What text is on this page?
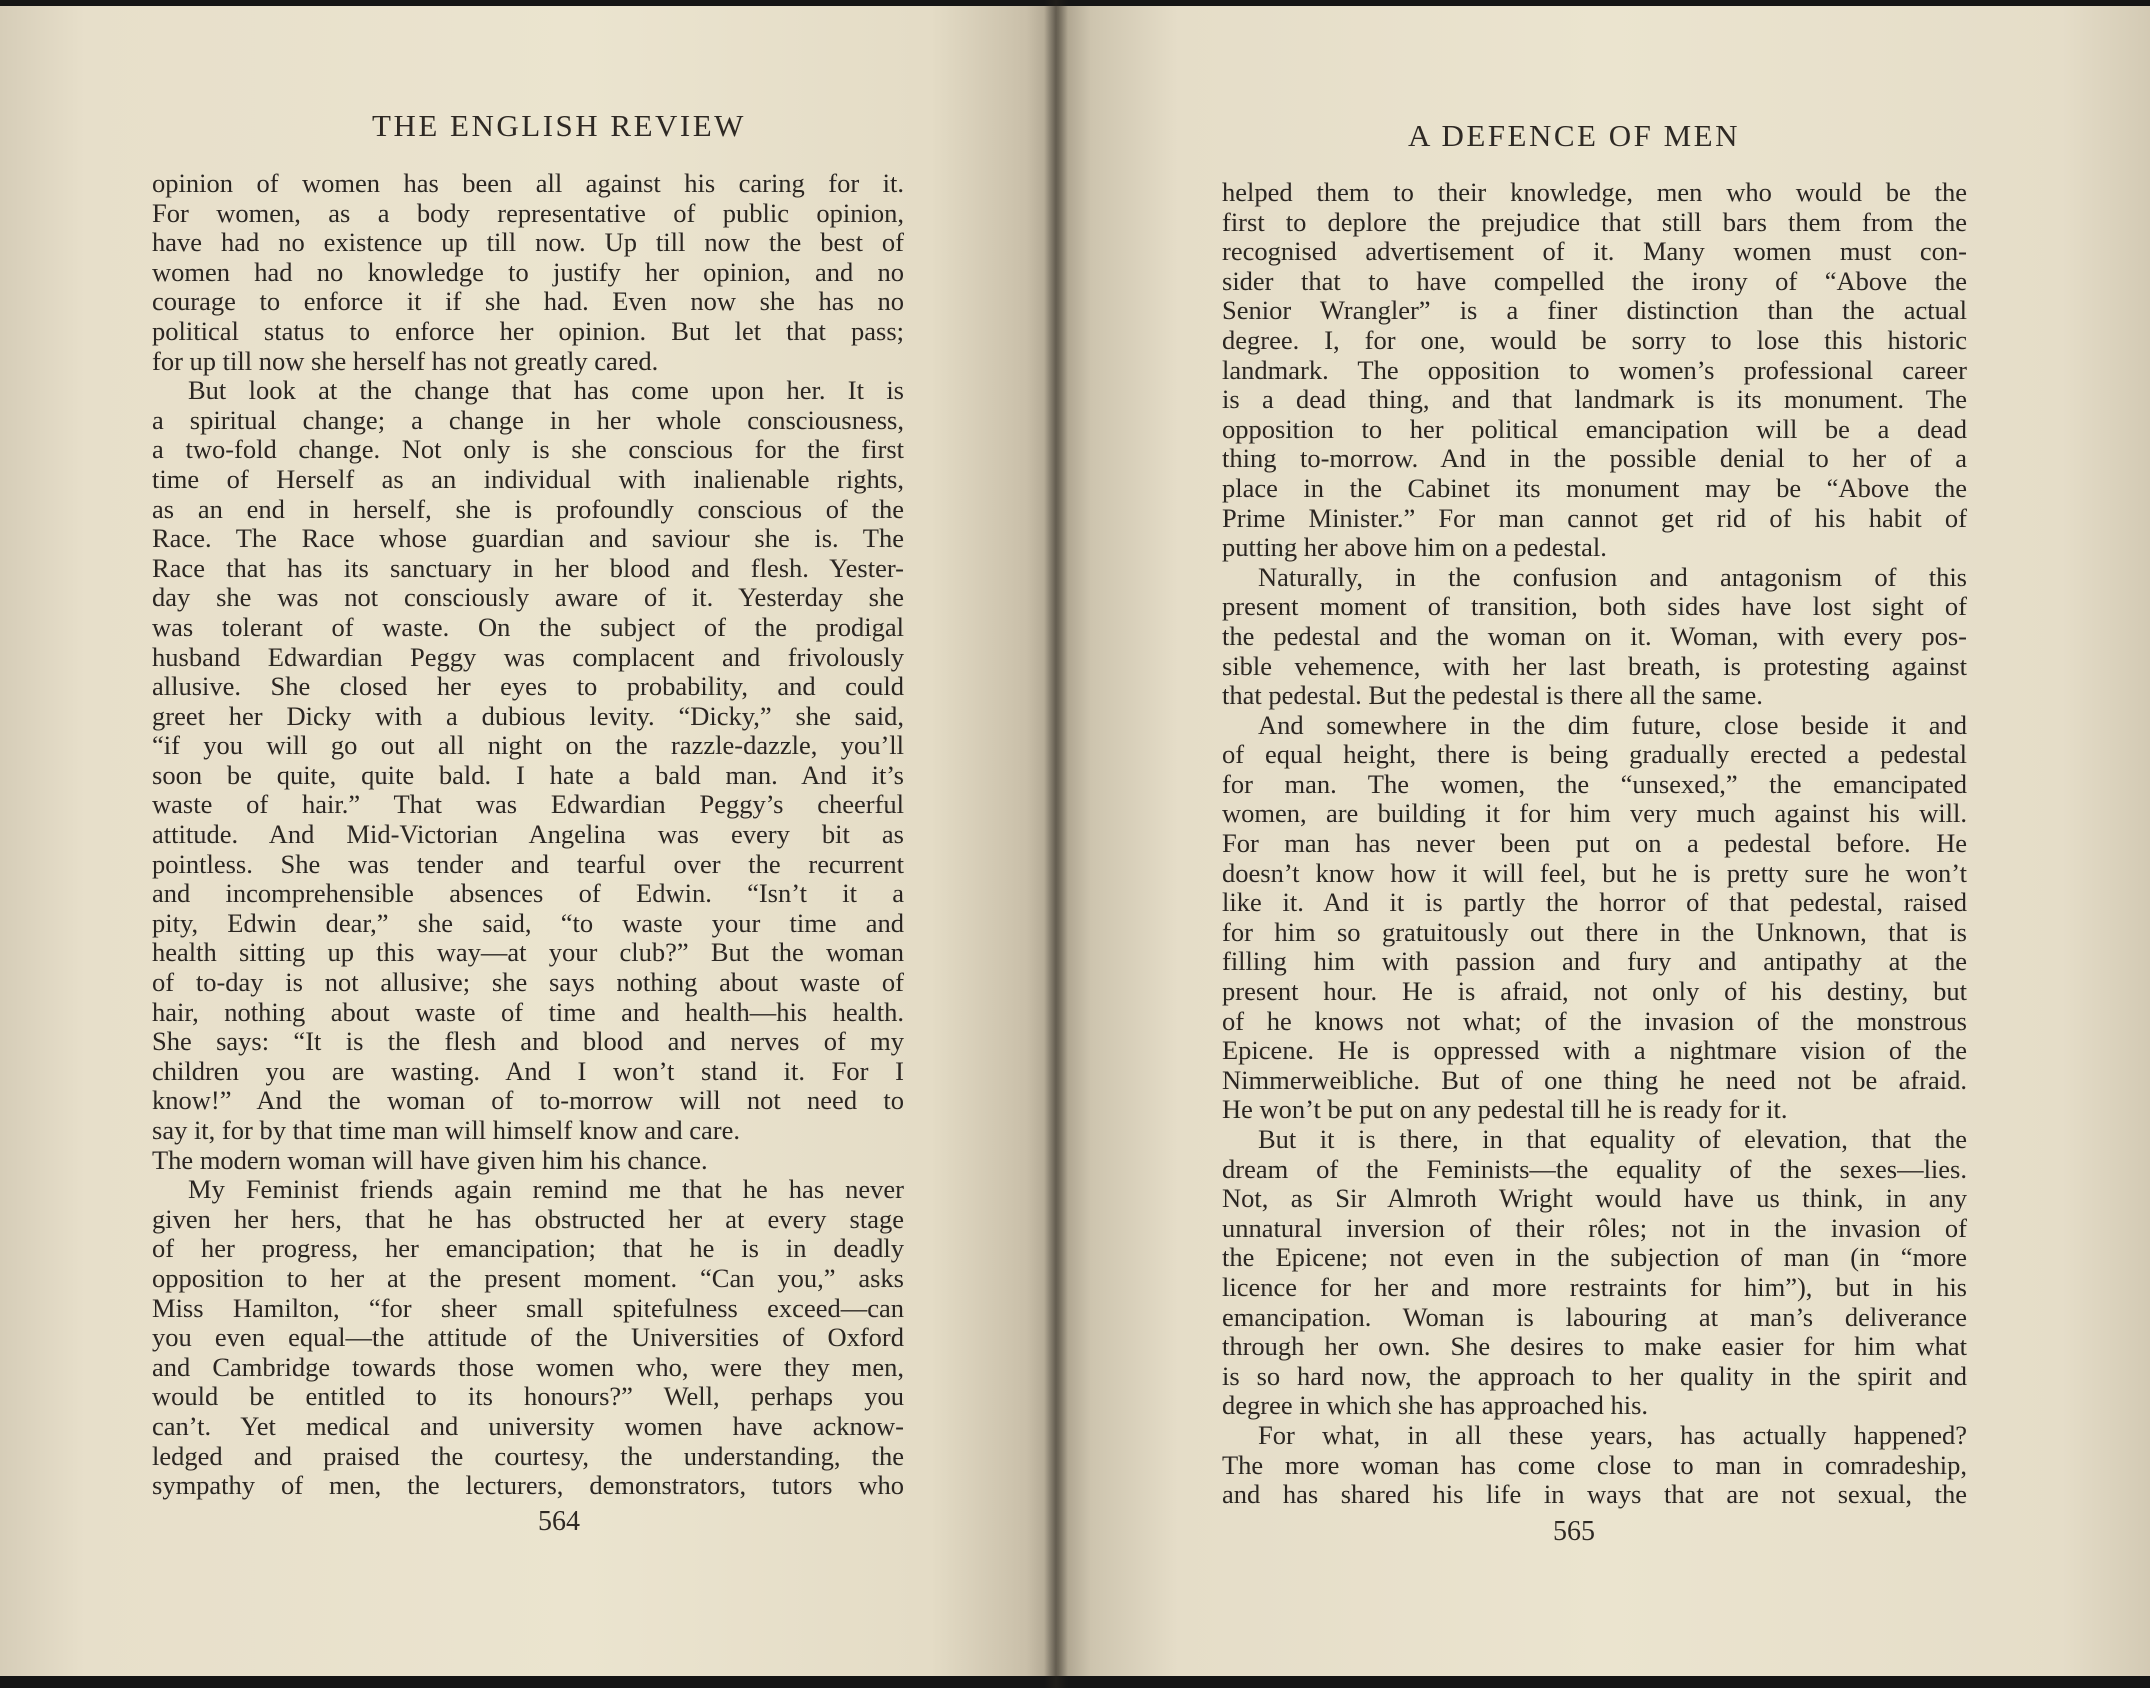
THE ENGLISH REVIEW
opinion of women has been all against his caring for it.
For women, as a body representative of public opinion,
have had no existence up till now. Up till now the best of
women had no knowledge to justify her opinion, and no
courage to enforce it if she had. Even now she has no
political status to enforce her opinion. But let that pass;
for up till now she herself has not greatly cared.
But look at the change that has come upon her. It is
a spiritual change; a change in her whole consciousness,
a two-fold change. Not only is she conscious for the first
time of Herself as an individual with inalienable rights,
as an end in herself, she is profoundly conscious of the
Race. The Race whose guardian and saviour she is. The
Race that has its sanctuary in her blood and flesh. Yester-
day she was not consciously aware of it. Yesterday she
was tolerant of waste. On the subject of the prodigal
husband Edwardian Peggy was complacent and frivolously
allusive. She closed her eyes to probability, and could
greet her Dicky with a dubious levity. “Dicky,” she said,
“if you will go out all night on the razzle-dazzle, you’ll
soon be quite, quite bald. I hate a bald man. And it’s
waste of hair.” That was Edwardian Peggy’s cheerful
attitude. And Mid-Victorian Angelina was every bit as
pointless. She was tender and tearful over the recurrent
and incomprehensible absences of Edwin. “Isn’t it a
pity, Edwin dear,” she said, “to waste your time and
health sitting up this way—at your club?” But the woman
of to-day is not allusive; she says nothing about waste of
hair, nothing about waste of time and health—his health.
She says: “It is the flesh and blood and nerves of my
children you are wasting. And I won’t stand it. For I
know!” And the woman of to-morrow will not need to
say it, for by that time man will himself know and care.
The modern woman will have given him his chance.
My Feminist friends again remind me that he has never
given her hers, that he has obstructed her at every stage
of her progress, her emancipation; that he is in deadly
opposition to her at the present moment. “Can you,” asks
Miss Hamilton, “for sheer small spitefulness exceed—can
you even equal—the attitude of the Universities of Oxford
and Cambridge towards those women who, were they men,
would be entitled to its honours?” Well, perhaps you
can’t. Yet medical and university women have acknow-
ledged and praised the courtesy, the understanding, the
sympathy of men, the lecturers, demonstrators, tutors who
564
A DEFENCE OF MEN
helped them to their knowledge, men who would be the
first to deplore the prejudice that still bars them from the
recognised advertisement of it. Many women must con-
sider that to have compelled the irony of “Above the
Senior Wrangler” is a finer distinction than the actual
degree. I, for one, would be sorry to lose this historic
landmark. The opposition to women’s professional career
is a dead thing, and that landmark is its monument. The
opposition to her political emancipation will be a dead
thing to-morrow. And in the possible denial to her of a
place in the Cabinet its monument may be “Above the
Prime Minister.” For man cannot get rid of his habit of
putting her above him on a pedestal.
Naturally, in the confusion and antagonism of this
present moment of transition, both sides have lost sight of
the pedestal and the woman on it. Woman, with every pos-
sible vehemence, with her last breath, is protesting against
that pedestal. But the pedestal is there all the same.
And somewhere in the dim future, close beside it and
of equal height, there is being gradually erected a pedestal
for man. The women, the “unsexed,” the emancipated
women, are building it for him very much against his will.
For man has never been put on a pedestal before. He
doesn’t know how it will feel, but he is pretty sure he won’t
like it. And it is partly the horror of that pedestal, raised
for him so gratuitously out there in the Unknown, that is
filling him with passion and fury and antipathy at the
present hour. He is afraid, not only of his destiny, but
of he knows not what; of the invasion of the monstrous
Epicene. He is oppressed with a nightmare vision of the
Nimmerweibliche. But of one thing he need not be afraid.
He won’t be put on any pedestal till he is ready for it.
But it is there, in that equality of elevation, that the
dream of the Feminists—the equality of the sexes—lies.
Not, as Sir Almroth Wright would have us think, in any
unnatural inversion of their rôles; not in the invasion of
the Epicene; not even in the subjection of man (in “more
licence for her and more restraints for him”), but in his
emancipation. Woman is labouring at man’s deliverance
through her own. She desires to make easier for him what
is so hard now, the approach to her quality in the spirit and
degree in which she has approached his.
For what, in all these years, has actually happened?
The more woman has come close to man in comradeship,
and has shared his life in ways that are not sexual, the
565
